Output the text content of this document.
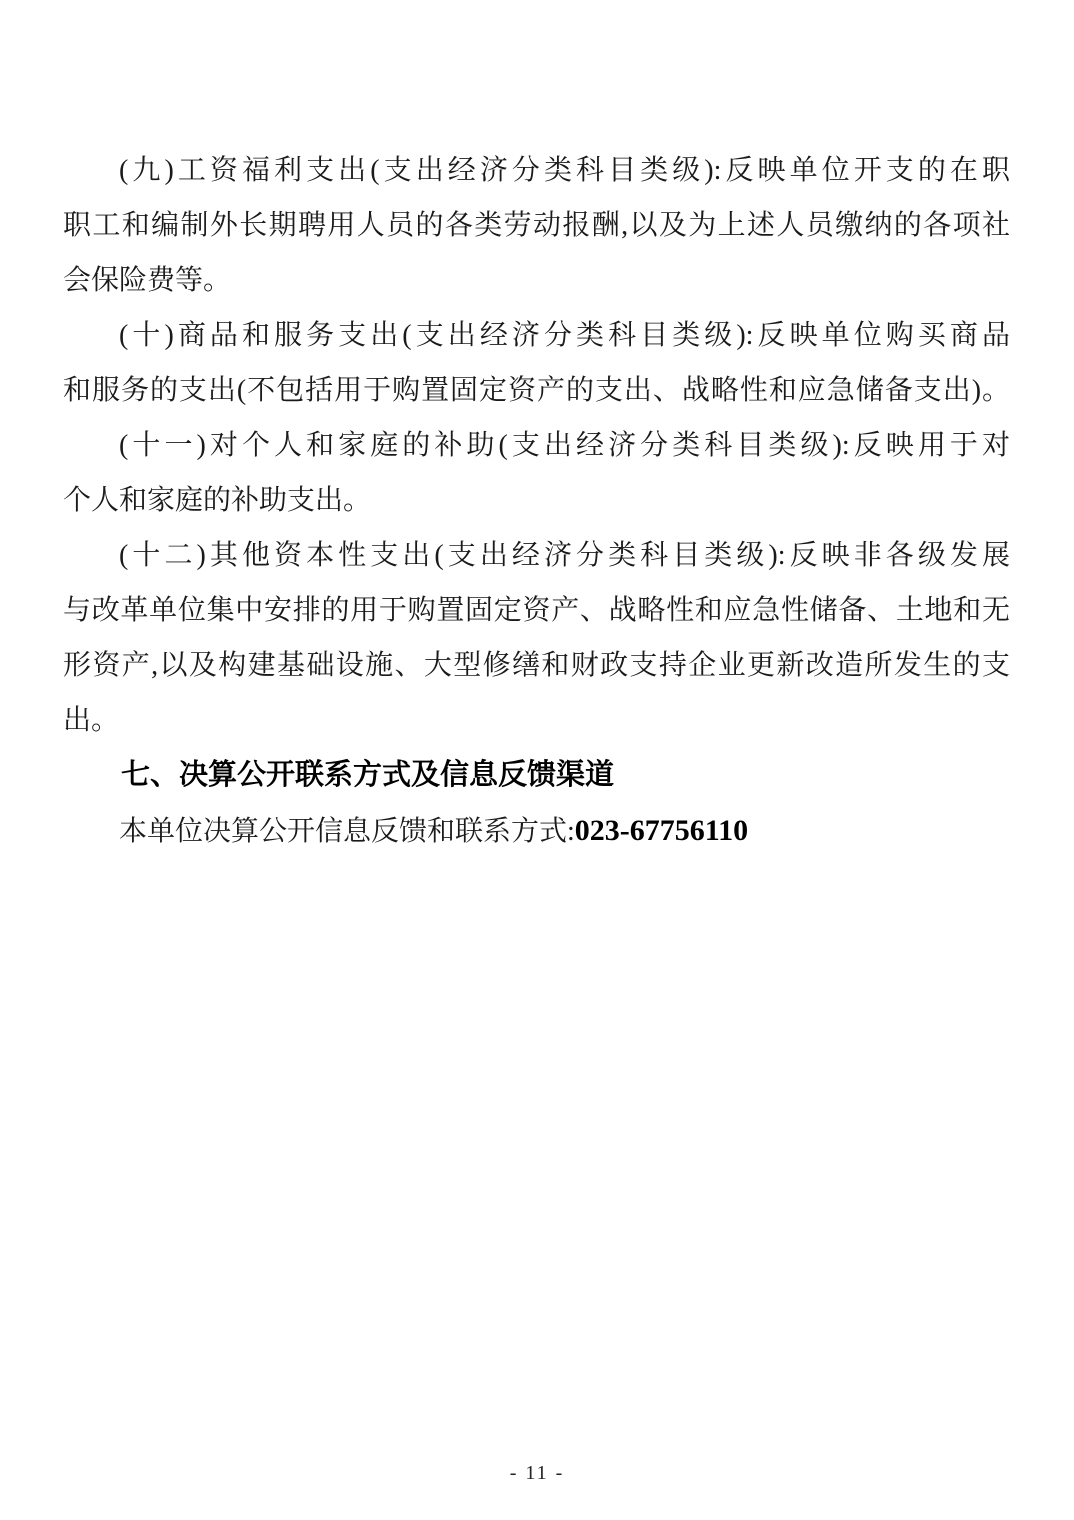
(九)工资福利支出(支出经济分类科目类级):反映单位开支的在职
职工和编制外长期聘用人员的各类劳动报酬,以及为上述人员缴纳的各项社
会保险费等。
(十)商品和服务支出(支出经济分类科目类级):反映单位购买商品
和服务的支出(不包括用于购置固定资产的支出、战略性和应急储备支出)。
(十一)对个人和家庭的补助(支出经济分类科目类级):反映用于对
个人和家庭的补助支出。
(十二)其他资本性支出(支出经济分类科目类级):反映非各级发展
与改革单位集中安排的用于购置固定资产、战略性和应急性储备、土地和无
形资产,以及构建基础设施、大型修缮和财政支持企业更新改造所发生的支
出。
七、决算公开联系方式及信息反馈渠道
本单位决算公开信息反馈和联系方式:023-67756110
- 11 -
